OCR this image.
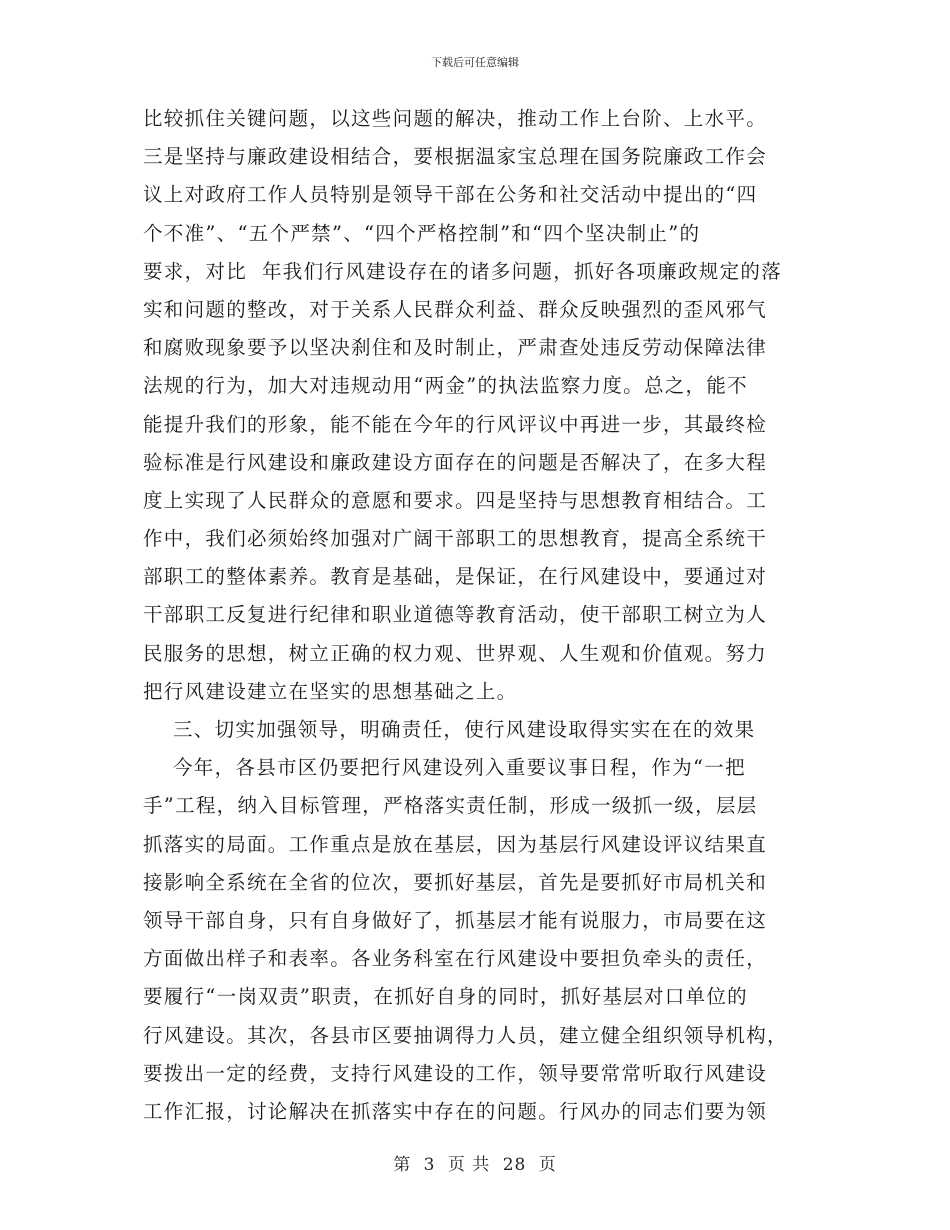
下载后可任意编辑
比较抓住关键问题，以这些问题的解决，推动工作上台阶、上水平。
三是坚持与廉政建设相结合，要根据温家宝总理在国务院廉政工作会
议上对政府工作人员特别是领导干部在公务和社交活动中提出的“四
个不准”、“五个严禁”、“四个严格控制”和“四个坚决制止”的
要求，对比  年我们行风建设存在的诸多问题，抓好各项廉政规定的落
实和问题的整改，对于关系人民群众利益、群众反映强烈的歪风邪气
和腐败现象要予以坚决刹住和及时制止，严肃查处违反劳动保障法律
法规的行为，加大对违规动用“两金”的执法监察力度。总之，能不
能提升我们的形象，能不能在今年的行风评议中再进一步，其最终检
验标准是行风建设和廉政建设方面存在的问题是否解决了，在多大程
度上实现了人民群众的意愿和要求。四是坚持与思想教育相结合。工
作中，我们必须始终加强对广阔干部职工的思想教育，提高全系统干
部职工的整体素养。教育是基础，是保证，在行风建设中，要通过对
干部职工反复进行纪律和职业道德等教育活动，使干部职工树立为人
民服务的思想，树立正确的权力观、世界观、人生观和价值观。努力
把行风建设建立在坚实的思想基础之上。
三、切实加强领导，明确责任，使行风建设取得实实在在的效果
今年，各县市区仍要把行风建设列入重要议事日程，作为“一把
手”工程，纳入目标管理，严格落实责任制，形成一级抓一级，层层
抓落实的局面。工作重点是放在基层，因为基层行风建设评议结果直
接影响全系统在全省的位次，要抓好基层，首先是要抓好市局机关和
领导干部自身，只有自身做好了，抓基层才能有说服力，市局要在这
方面做出样子和表率。各业务科室在行风建设中要担负牵头的责任，
要履行“一岗双责”职责，在抓好自身的同时，抓好基层对口单位的
行风建设。其次，各县市区要抽调得力人员，建立健全组织领导机构，
要拨出一定的经费，支持行风建设的工作，领导要常常听取行风建设
工作汇报，讨论解决在抓落实中存在的问题。行风办的同志们要为领
第 3 页 共 28 页
